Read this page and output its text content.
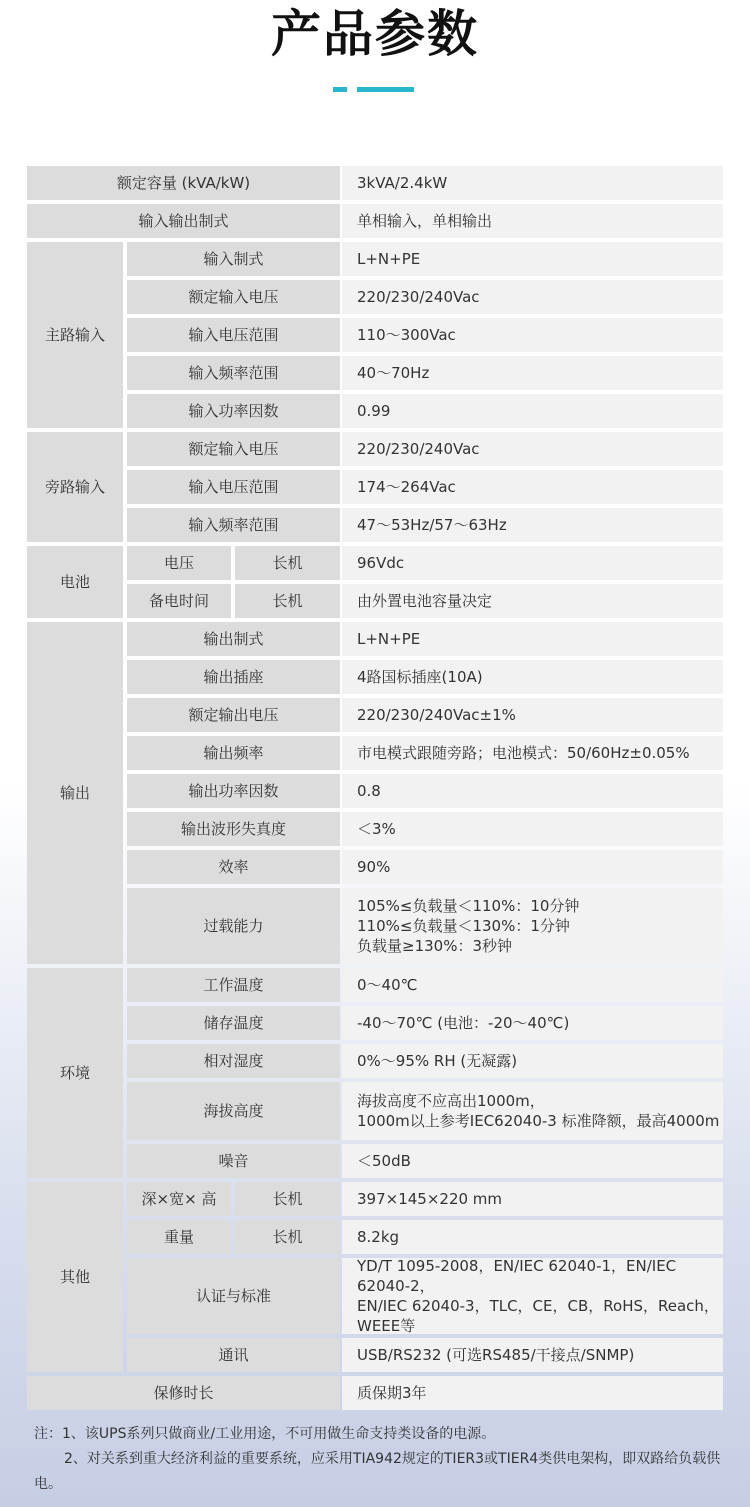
产品参数
额定容量 (kVA/kW)	3kVA/2.4kW
输入输出制式	单相输入，单相输出
主路输入
输入制式	L+N+PE
额定输入电压	220/230/240Vac
输入电压范围	110～300Vac
输入频率范围	40～70Hz
输入功率因数	0.99
旁路输入
额定输入电压	220/230/240Vac
输入电压范围	174～264Vac
输入频率范围	47～53Hz/57～63Hz
电池
电压	长机	96Vdc
备电时间	长机	由外置电池容量决定
输出
输出制式	L+N+PE
输出插座	4路国标插座(10A)
额定输出电压	220/230/240Vac±1%
输出频率	市电模式跟随旁路；电池模式：50/60Hz±0.05%
输出功率因数	0.8
输出波形失真度	＜3%
效率	90%
过载能力
105%≤负载量＜110%：10分钟
110%≤负载量＜130%：1分钟
负载量≥130%：3秒钟
环境
工作温度	0～40℃
储存温度	-40～70℃ (电池：-20～40℃)
相对湿度	0%～95% RH (无凝露)
海拔高度
海拔高度不应高出1000m，
1000m以上参考IEC62040-3 标准降额，最高4000m
噪音	＜50dB
其他
深×宽× 高	长机	397×145×220 mm
重量	长机	8.2kg
认证与标准
YD/T 1095-2008，EN/IEC 62040-1，EN/IEC 62040-2，
EN/IEC 62040-3，TLC，CE，CB，RoHS，Reach，
WEEE等
通讯	USB/RS232 (可选RS485/干接点/SNMP)
保修时长	质保期3年
注：1、该UPS系列只做商业/工业用途，不可用做生命支持类设备的电源。
2、对关系到重大经济利益的重要系统，应采用TIA942规定的TIER3或TIER4类供电架构，即双路给负载供电。
